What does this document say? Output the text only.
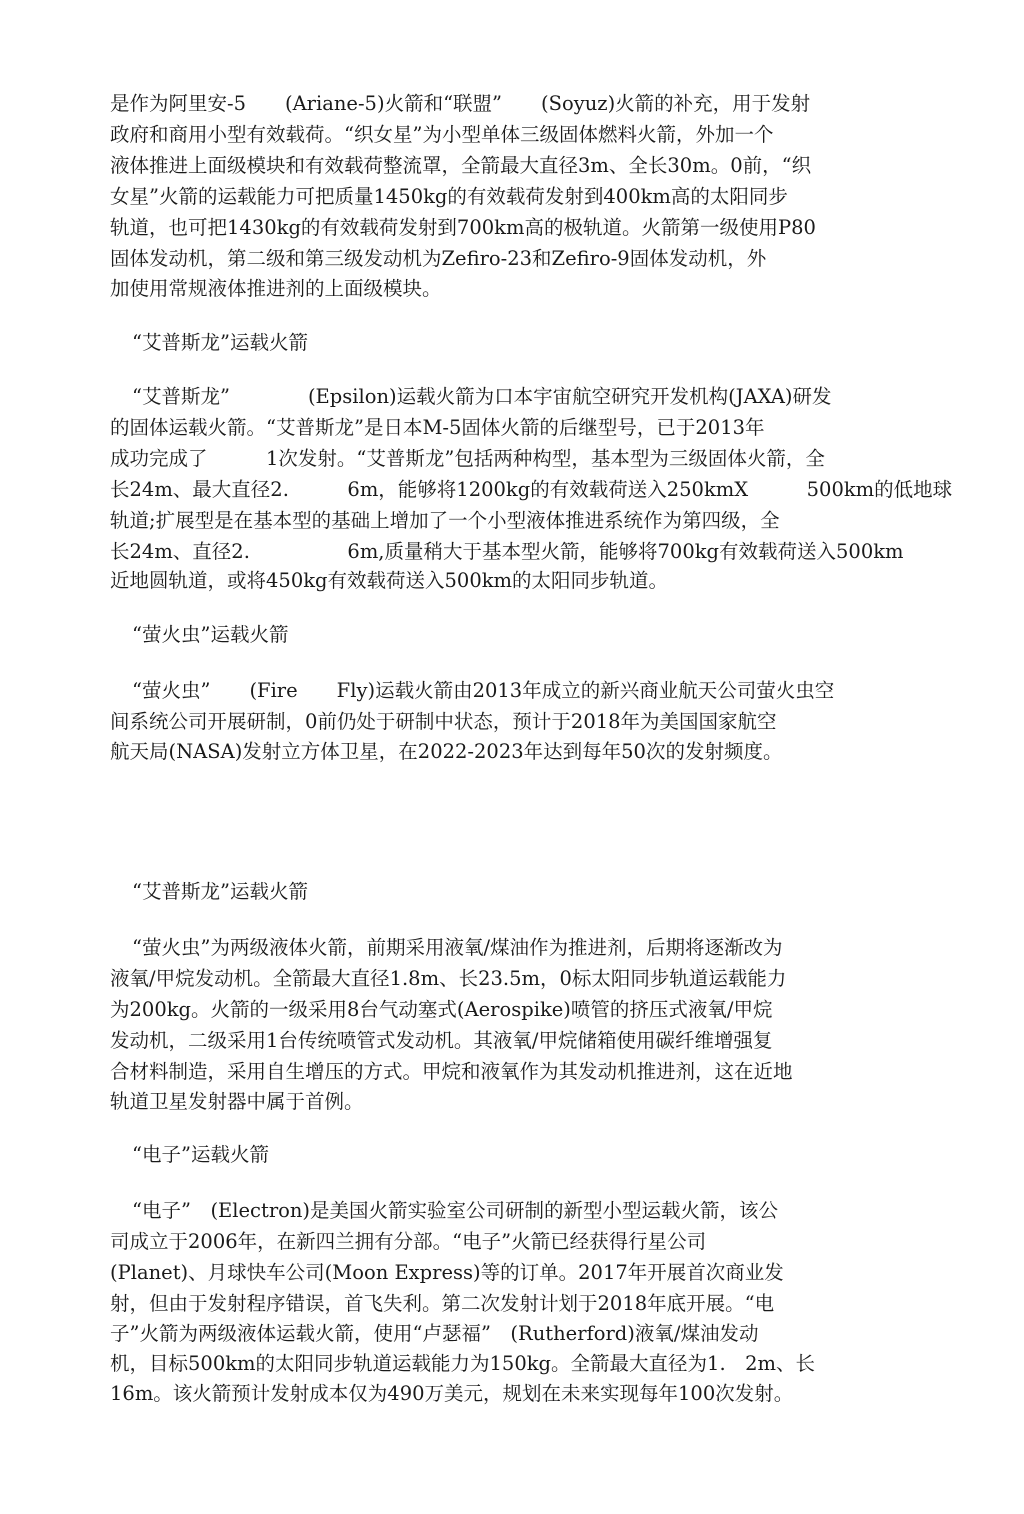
是作为阿里安-5　　(Ariane-5)火箭和“联盟”　　(Soyuz)火箭的补充，用于发射
政府和商用小型有效载荷。“织女星”为小型单体三级固体燃料火箭，外加一个
液体推进上面级模块和有效载荷整流罩，全箭最大直径3m、全长30m。0前，“织
女星”火箭的运载能力可把质量1450kg的有效载荷发射到400km高的太阳同步
轨道，也可把1430kg的有效载荷发射到700km高的极轨道。火箭第一级使用P80
固体发动机，第二级和第三级发动机为Zefiro-23和Zefiro-9固体发动机，外
加使用常规液体推进剂的上面级模块。
“艾普斯龙”运载火箭
“艾普斯龙”　　　　(Epsilon)运载火箭为口本宇宙航空研究开发机构(JAXA)研发
的固体运载火箭。“艾普斯龙”是日本M-5固体火箭的后继型号，已于2013年
成功完成了　　　1次发射。“艾普斯龙”包括两种构型，基本型为三级固体火箭，全
长24m、最大直径2.　　　6m，能够将1200kg的有效载荷送入250kmX　　　500km的低地球
轨道;扩展型是在基本型的基础上增加了一个小型液体推进系统作为第四级，全
长24m、直径2.　　　　　6m,质量稍大于基本型火箭，能够将700kg有效载荷送入500km
近地圆轨道，或将450kg有效载荷送入500km的太阳同步轨道。
“萤火虫”运载火箭
“萤火虫”　　(Fire　　Fly)运载火箭由2013年成立的新兴商业航天公司萤火虫空
间系统公司开展研制，0前仍处于研制中状态，预计于2018年为美国国家航空
航天局(NASA)发射立方体卫星，在2022-2023年达到每年50次的发射频度。
“艾普斯龙”运载火箭
“萤火虫”为两级液体火箭，前期采用液氧/煤油作为推进剂，后期将逐渐改为
液氧/甲烷发动机。全箭最大直径1.8m、长23.5m，0标太阳同步轨道运载能力
为200kg。火箭的一级采用8台气动塞式(Aerospike)喷管的挤压式液氧/甲烷
发动机，二级采用1台传统喷管式发动机。其液氧/甲烷储箱使用碳纤维增强复
合材料制造，采用自生增压的方式。甲烷和液氧作为其发动机推进剂，这在近地
轨道卫星发射器中属于首例。
“电子”运载火箭
“电子”　(Electron)是美国火箭实验室公司研制的新型小型运载火箭，该公
司成立于2006年，在新四兰拥有分部。“电子”火箭已经获得行星公司
(Planet)、月球快车公司(Moon Express)等的订单。2017年开展首次商业发
射，但由于发射程序错误，首飞失利。第二次发射计划于2018年底开展。“电
子”火箭为两级液体运载火箭，使用“卢瑟福”　(Rutherford)液氧/煤油发动
机，目标500km的太阳同步轨道运载能力为150kg。全箭最大直径为1.　2m、长
16m。该火箭预计发射成本仅为490万美元，规划在未来实现每年100次发射。
